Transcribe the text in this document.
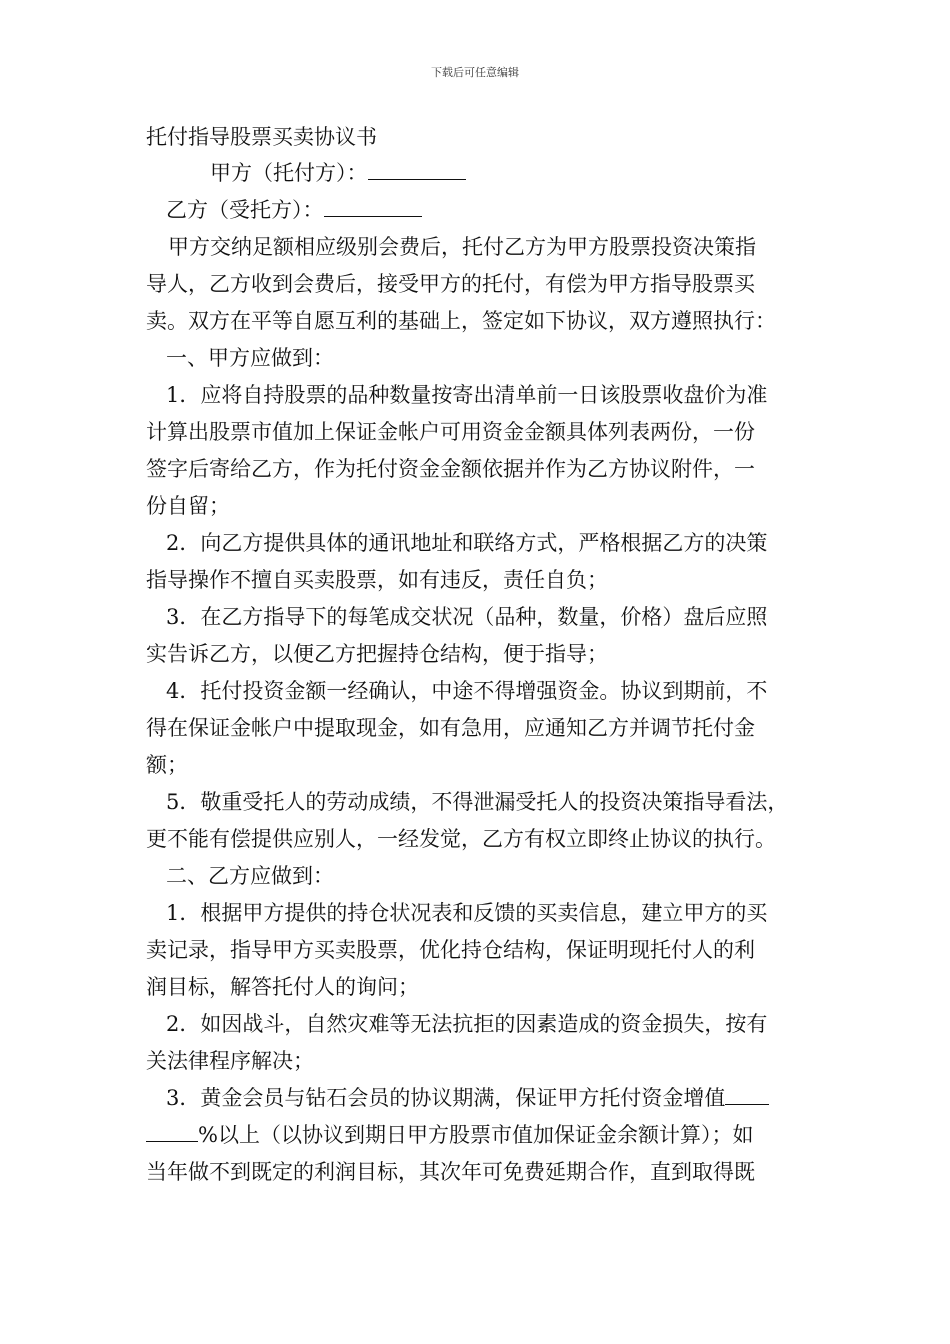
下载后可任意编辑

托付指导股票买卖协议书

甲方（托付方）：

乙方（受托方）：

甲方交纳足额相应级别会费后，托付乙方为甲方股票投资决策指

导人，乙方收到会费后，接受甲方的托付，有偿为甲方指导股票买

卖。双方在平等自愿互利的基础上，签定如下协议，双方遵照执行：

一、甲方应做到：

1．应将自持股票的品种数量按寄出清单前一日该股票收盘价为准

计算出股票市值加上保证金帐户可用资金金额具体列表两份，一份

签字后寄给乙方，作为托付资金金额依据并作为乙方协议附件，一

份自留；

2．向乙方提供具体的通讯地址和联络方式，严格根据乙方的决策

指导操作不擅自买卖股票，如有违反，责任自负；

3．在乙方指导下的每笔成交状况（品种，数量，价格）盘后应照

实告诉乙方，以便乙方把握持仓结构，便于指导；

4．托付投资金额一经确认，中途不得增强资金。协议到期前，不

得在保证金帐户中提取现金，如有急用，应通知乙方并调节托付金

额；

5．敬重受托人的劳动成绩，不得泄漏受托人的投资决策指导看法，

更不能有偿提供应别人，一经发觉，乙方有权立即终止协议的执行。

二、乙方应做到：

1．根据甲方提供的持仓状况表和反馈的买卖信息，建立甲方的买

卖记录，指导甲方买卖股票，优化持仓结构，保证明现托付人的利

润目标，解答托付人的询问；

2．如因战斗，自然灾难等无法抗拒的因素造成的资金损失，按有

关法律程序解决；

3．黄金会员与钻石会员的协议期满，保证甲方托付资金增值

%以上（以协议到期日甲方股票市值加保证金余额计算）；如

当年做不到既定的利润目标，其次年可免费延期合作，直到取得既
